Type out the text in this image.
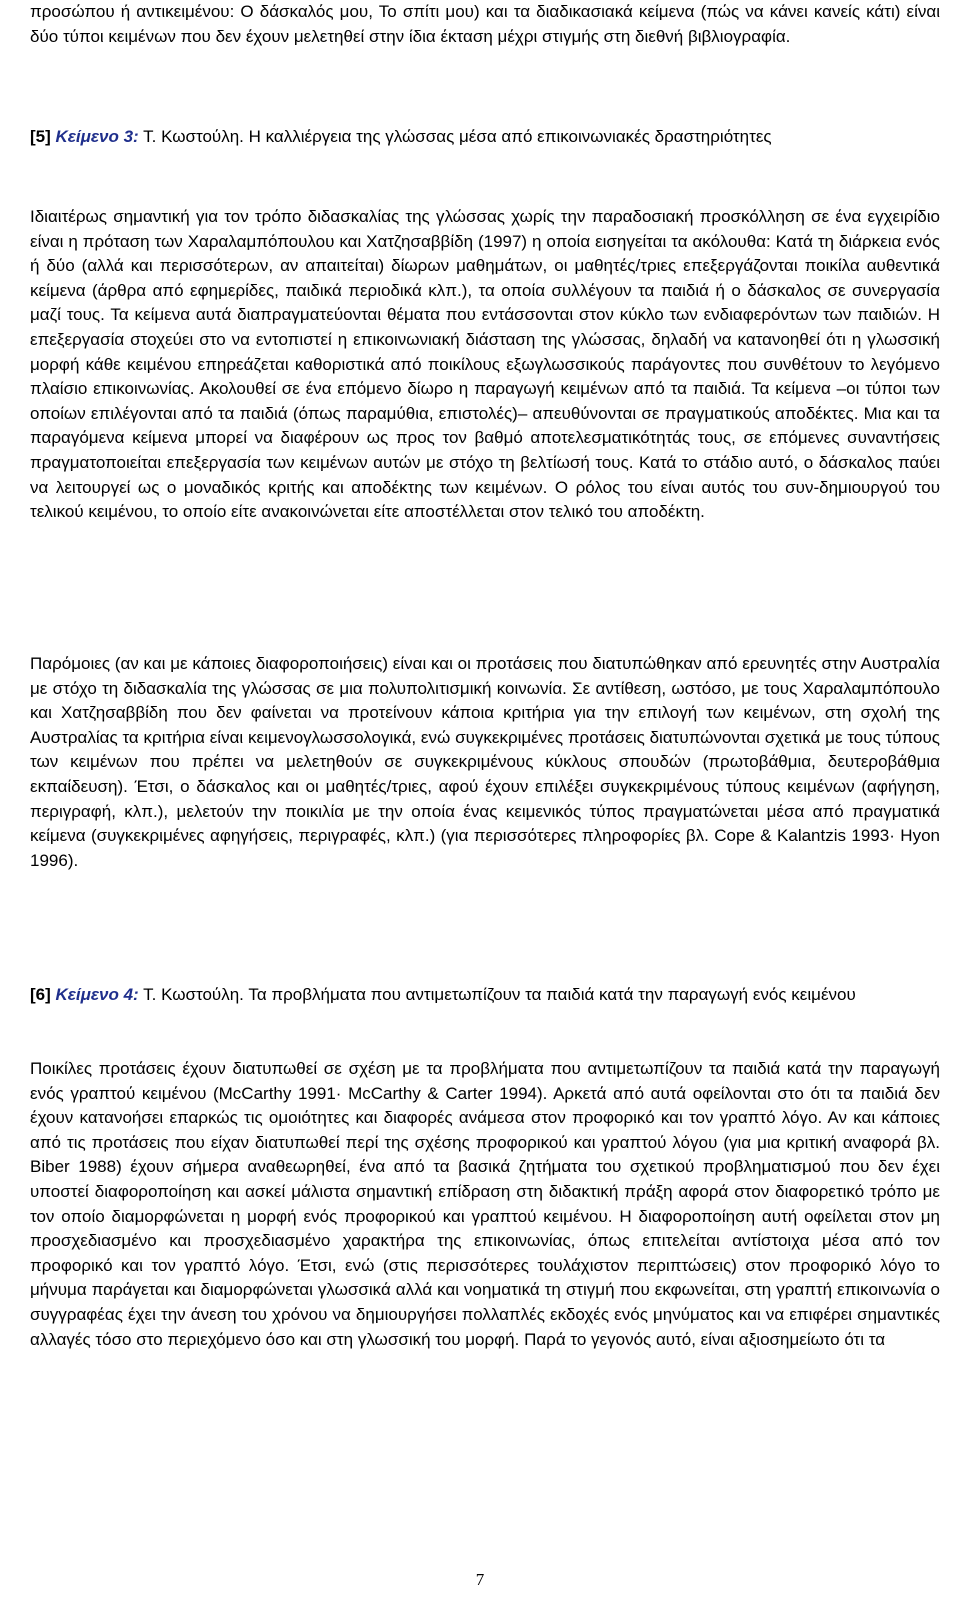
προσώπου ή αντικειμένου: Ο δάσκαλός μου, Το σπίτι μου) και τα διαδικασιακά κείμενα (πώς να κάνει κανείς κάτι) είναι δύο τύποι κειμένων που δεν έχουν μελετηθεί στην ίδια έκταση μέχρι στιγμής στη διεθνή βιβλιογραφία.

[5] Κείμενο 3: Τ. Κωστούλη. Η καλλιέργεια της γλώσσας μέσα από επικοινωνιακές δραστηριότητες

Ιδιαιτέρως σημαντική για τον τρόπο διδασκαλίας της γλώσσας χωρίς την παραδοσιακή προσκόλληση σε ένα εγχειρίδιο είναι η πρόταση των Χαραλαμπόπουλου και Χατζησαββίδη (1997) η οποία εισηγείται τα ακόλουθα: Κατά τη διάρκεια ενός ή δύο (αλλά και περισσότερων, αν απαιτείται) δίωρων μαθημάτων, οι μαθητές/τριες επεξεργάζονται ποικίλα αυθεντικά κείμενα (άρθρα από εφημερίδες, παιδικά περιοδικά κλπ.), τα οποία συλλέγουν τα παιδιά ή ο δάσκαλος σε συνεργασία μαζί τους. Τα κείμενα αυτά διαπραγματεύονται θέματα που εντάσσονται στον κύκλο των ενδιαφερόντων των παιδιών. Η επεξεργασία στοχεύει στο να εντοπιστεί η επικοινωνιακή διάσταση της γλώσσας, δηλαδή να κατανοηθεί ότι η γλωσσική μορφή κάθε κειμένου επηρεάζεται καθοριστικά από ποικίλους εξωγλωσσικούς παράγοντες που συνθέτουν το λεγόμενο πλαίσιο επικοινωνίας. Ακολουθεί σε ένα επόμενο δίωρο η παραγωγή κειμένων από τα παιδιά. Τα κείμενα –οι τύποι των οποίων επιλέγονται από τα παιδιά (όπως παραμύθια, επιστολές)– απευθύνονται σε πραγματικούς αποδέκτες. Μια και τα παραγόμενα κείμενα μπορεί να διαφέρουν ως προς τον βαθμό αποτελεσματικότητάς τους, σε επόμενες συναντήσεις πραγματοποιείται επεξεργασία των κειμένων αυτών με στόχο τη βελτίωσή τους. Κατά το στάδιο αυτό, ο δάσκαλος παύει να λειτουργεί ως ο μοναδικός κριτής και αποδέκτης των κειμένων. Ο ρόλος του είναι αυτός του συν-δημιουργού του τελικού κειμένου, το οποίο είτε ανακοινώνεται είτε αποστέλλεται στον τελικό του αποδέκτη.

Παρόμοιες (αν και με κάποιες διαφοροποιήσεις) είναι και οι προτάσεις που διατυπώθηκαν από ερευνητές στην Αυστραλία με στόχο τη διδασκαλία της γλώσσας σε μια πολυπολιτισμική κοινωνία. Σε αντίθεση, ωστόσο, με τους Χαραλαμπόπουλο και Χατζησαββίδη που δεν φαίνεται να προτείνουν κάποια κριτήρια για την επιλογή των κειμένων, στη σχολή της Αυστραλίας τα κριτήρια είναι κειμενογλωσσολογικά, ενώ συγκεκριμένες προτάσεις διατυπώνονται σχετικά με τους τύπους των κειμένων που πρέπει να μελετηθούν σε συγκεκριμένους κύκλους σπουδών (πρωτοβάθμια, δευτεροβάθμια εκπαίδευση). Έτσι, ο δάσκαλος και οι μαθητές/τριες, αφού έχουν επιλέξει συγκεκριμένους τύπους κειμένων (αφήγηση, περιγραφή, κλπ.), μελετούν την ποικιλία με την οποία ένας κειμενικός τύπος πραγματώνεται μέσα από πραγματικά κείμενα (συγκεκριμένες αφηγήσεις, περιγραφές, κλπ.) (για περισσότερες πληροφορίες βλ. Cope & Kalantzis 1993· Hyon 1996).

[6] Κείμενο 4: Τ. Κωστούλη. Τα προβλήματα που αντιμετωπίζουν τα παιδιά κατά την παραγωγή ενός κειμένου

Ποικίλες προτάσεις έχουν διατυπωθεί σε σχέση με τα προβλήματα που αντιμετωπίζουν τα παιδιά κατά την παραγωγή ενός γραπτού κειμένου (McCarthy 1991· McCarthy & Carter 1994). Αρκετά από αυτά οφείλονται στο ότι τα παιδιά δεν έχουν κατανοήσει επαρκώς τις ομοιότητες και διαφορές ανάμεσα στον προφορικό και τον γραπτό λόγο. Αν και κάποιες από τις προτάσεις που είχαν διατυπωθεί περί της σχέσης προφορικού και γραπτού λόγου (για μια κριτική αναφορά βλ. Biber 1988) έχουν σήμερα αναθεωρηθεί, ένα από τα βασικά ζητήματα του σχετικού προβληματισμού που δεν έχει υποστεί διαφοροποίηση και ασκεί μάλιστα σημαντική επίδραση στη διδακτική πράξη αφορά στον διαφορετικό τρόπο με τον οποίο διαμορφώνεται η μορφή ενός προφορικού και γραπτού κειμένου. Η διαφοροποίηση αυτή οφείλεται στον μη προσχεδιασμένο και προσχεδιασμένο χαρακτήρα της επικοινωνίας, όπως επιτελείται αντίστοιχα μέσα από τον προφορικό και τον γραπτό λόγο. Έτσι, ενώ (στις περισσότερες τουλάχιστον περιπτώσεις) στον προφορικό λόγο το μήνυμα παράγεται και διαμορφώνεται γλωσσικά αλλά και νοηματικά τη στιγμή που εκφωνείται, στη γραπτή επικοινωνία ο συγγραφέας έχει την άνεση του χρόνου να δημιουργήσει πολλαπλές εκδοχές ενός μηνύματος και να επιφέρει σημαντικές αλλαγές τόσο στο περιεχόμενο όσο και στη γλωσσική του μορφή. Παρά το γεγονός αυτό, είναι αξιοσημείωτο ότι τα

7
